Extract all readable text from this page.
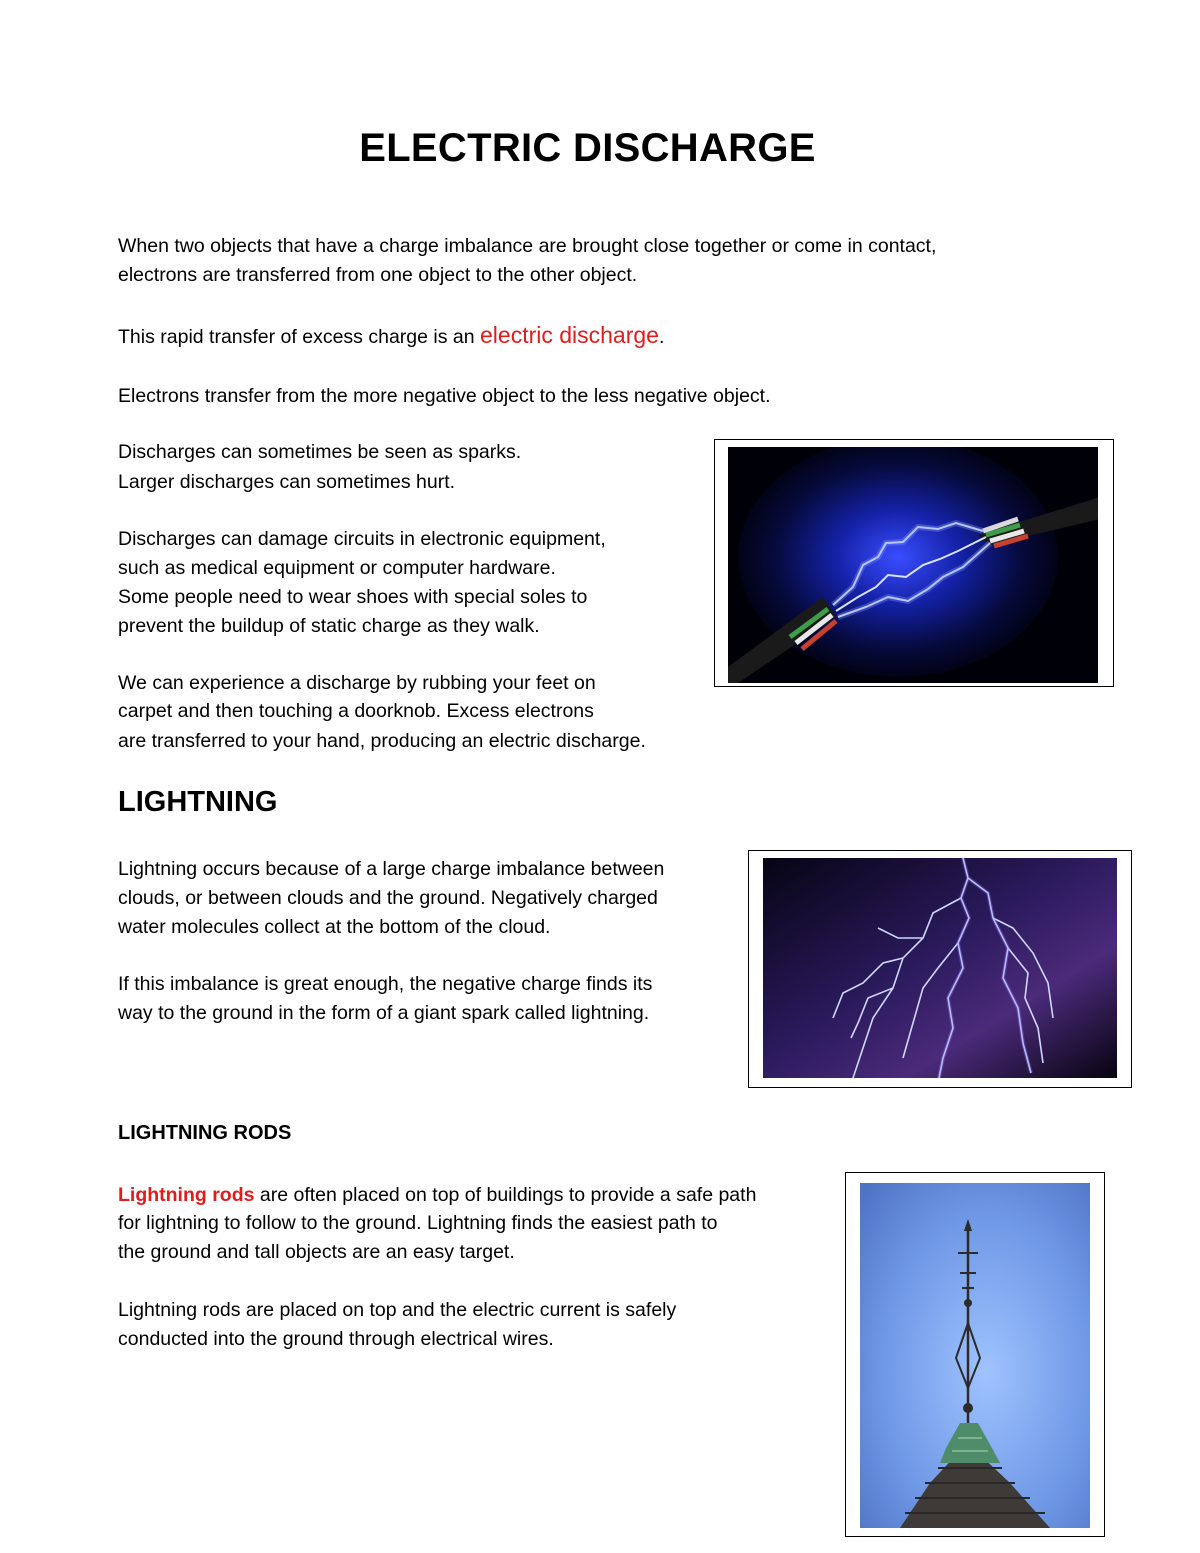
ELECTRIC DISCHARGE
When two objects that have a charge imbalance are brought close together or come in contact,
electrons are transferred from one object to the other object.
This rapid transfer of excess charge is an electric discharge.
Electrons transfer from the more negative object to the less negative object.
Discharges can sometimes be seen as sparks.
Larger discharges can sometimes hurt.
Discharges can damage circuits in electronic equipment,
such as medical equipment or computer hardware.
Some people need to wear shoes with special soles to
prevent the buildup of static charge as they walk.
We can experience a discharge by rubbing your feet on
carpet and then touching a doorknob. Excess electrons
are transferred to your hand, producing an electric discharge.
LIGHTNING
Lightning occurs because of a large charge imbalance between
clouds, or between clouds and the ground. Negatively charged
water molecules collect at the bottom of the cloud.
If this imbalance is great enough, the negative charge finds its
way to the ground in the form of a giant spark called lightning.
LIGHTNING RODS
Lightning rods are often placed on top of buildings to provide a safe path
for lightning to follow to the ground. Lightning finds the easiest path to
the ground and tall objects are an easy target.
Lightning rods are placed on top and the electric current is safely
conducted into the ground through electrical wires.
